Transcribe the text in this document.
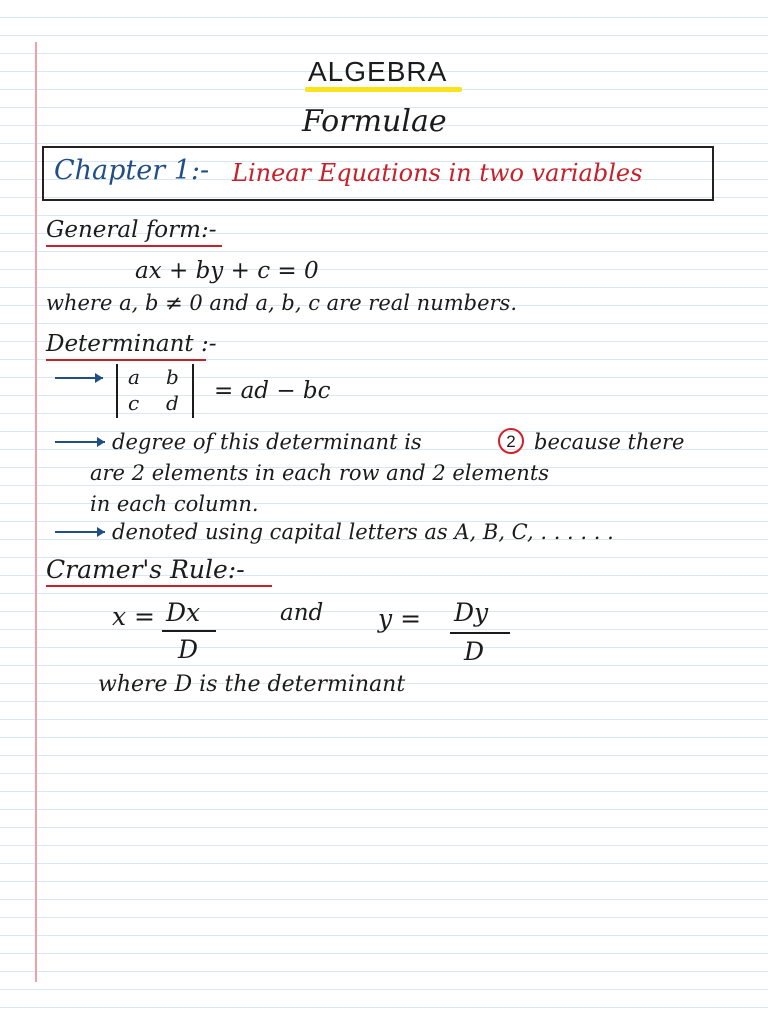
ALGEBRA
Formulae
Chapter 1:- Linear Equations in two variables
General form:-
ax + by + c = 0
where a, b ≠ 0 and a, b, c are real numbers.
Determinant :-
a b
c d = ad − bc
degree of this determinant is	2 because there
are 2 elements in each row and 2 elements
in each column.
denoted using capital letters as A, B, C, . . . . . .
Cramer's Rule:-
x = Dx
D
and y = Dy
D
where D is the determinant
